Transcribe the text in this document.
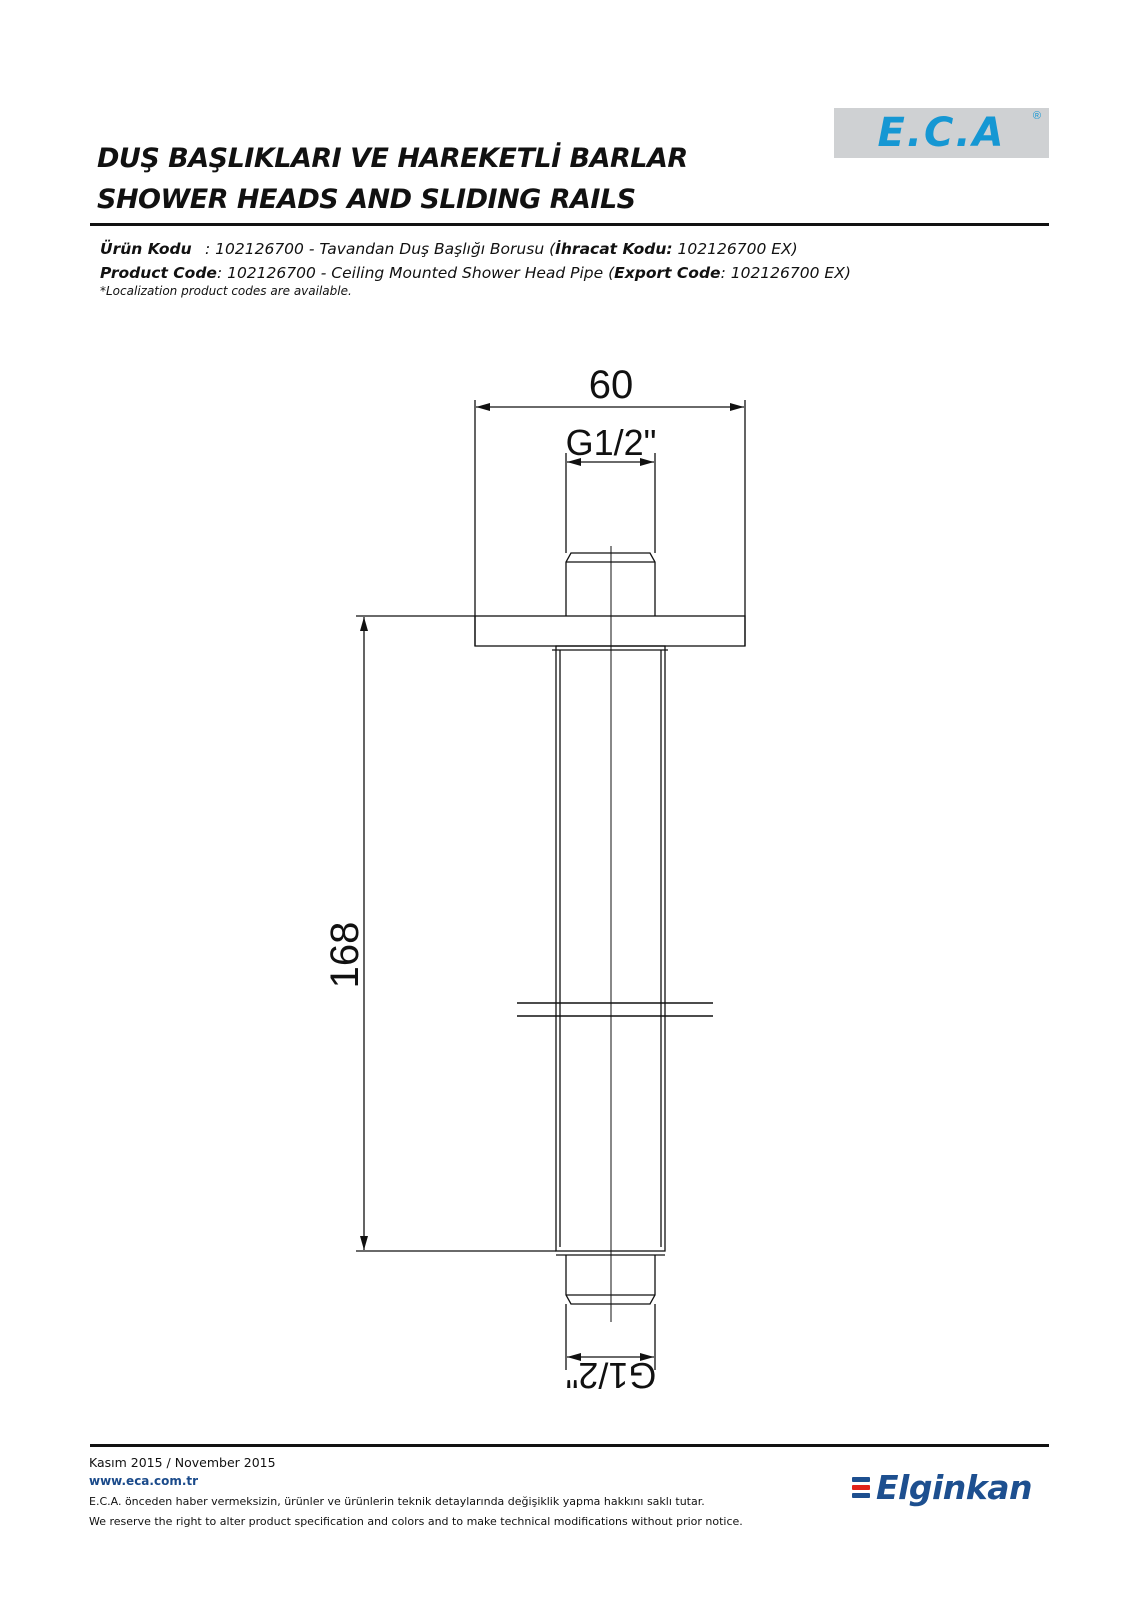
E.C.A	®
DUŞ BAŞLIKLARI VE HAREKETLİ BARLAR
SHOWER HEADS AND SLIDING RAILS
Ürün Kodu : 102126700 - Tavandan Duş Başlığı Borusu (İhracat Kodu: 102126700 EX)
Product Code: 102126700 - Ceiling Mounted Shower Head Pipe (Export Code: 102126700 EX)
*Localization product codes are available.
60
G1/2"
168
G1/2"
Kasım 2015 / November 2015
www.eca.com.tr
E.C.A. önceden haber vermeksizin, ürünler ve ürünlerin teknik detaylarında değişiklik yapma hakkını saklı tutar.
We reserve the right to alter product specification and colors and to make technical modifications without prior notice.
Elginkan
